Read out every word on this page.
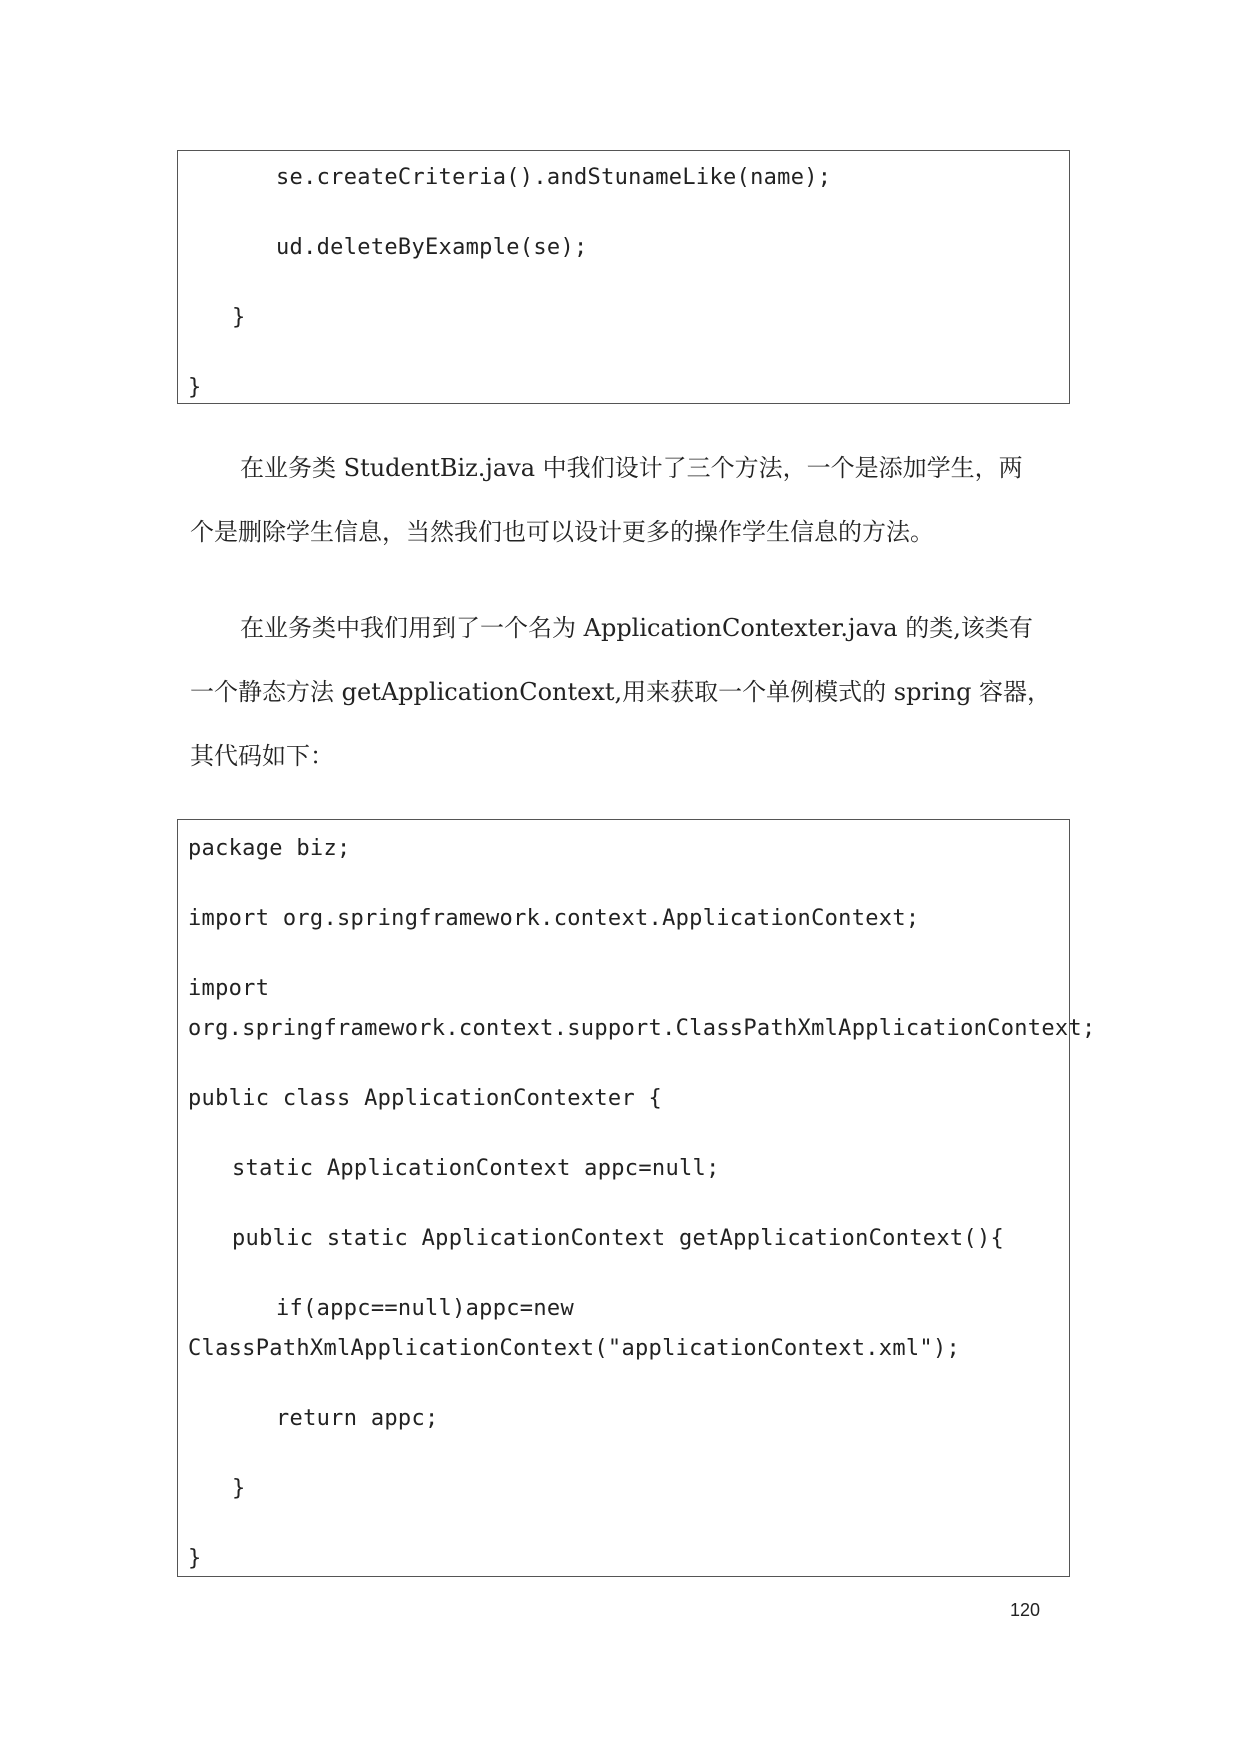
se.createCriteria().andStunameLike(name);
ud.deleteByExample(se);
}
}
在业务类 StudentBiz.java 中我们设计了三个方法，一个是添加学生，两
个是删除学生信息，当然我们也可以设计更多的操作学生信息的方法。
在业务类中我们用到了一个名为 ApplicationContexter.java 的类,该类有
一个静态方法 getApplicationContext,用来获取一个单例模式的 spring 容器，
其代码如下：
package biz;
import org.springframework.context.ApplicationContext;
import
org.springframework.context.support.ClassPathXmlApplicationContext;
public class ApplicationContexter {
static ApplicationContext appc=null;
public static ApplicationContext getApplicationContext(){
if(appc==null)appc=new
ClassPathXmlApplicationContext("applicationContext.xml");
return appc;
}
}
120
